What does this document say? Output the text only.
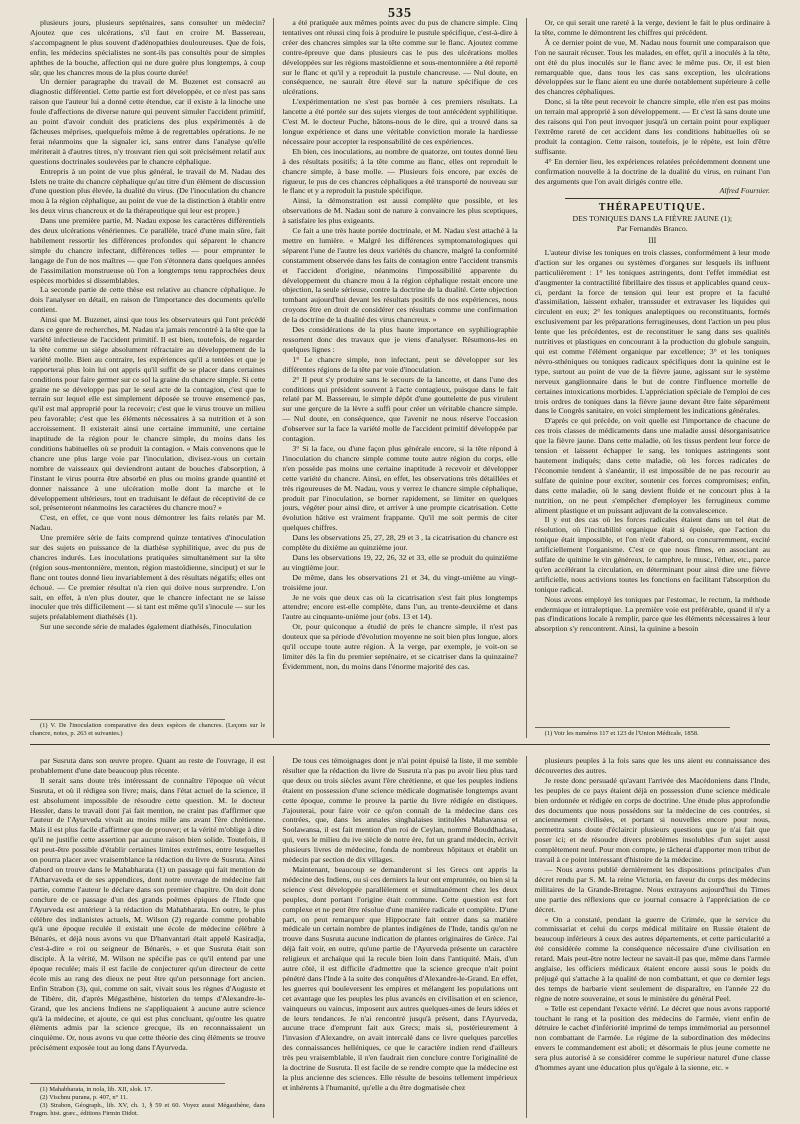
535

plusieurs jours, plusieurs septénaires, sans consulter un médecin? Ajoutez que ces ulcérations, s'il faut en croire M. Bassereau, s'accompagnent le plus souvent d'adénopathies douloureuses. Que de fois, enfin, les médecins spécialistes ne sont-ils pas consultés pour de simples aphthes de la bouche, affection qui ne dure guère plus longtemps, à coup sûr, que les chancres mous de la plus courte durée!

Un dernier paragraphe du travail de M. Buzenet est consacré au diagnostic différentiel. Cette partie est fort développée, et ce n'est pas sans raison que l'auteur lui a donné cette étendue, car il existe à la linoche une foule d'affections de diverse nature qui peuvent simuler l'accident primitif, au point d'avoir conduit des praticiens des plus expérimentés à de fâcheuses méprises, quelquefois même à de regrettables opérations. Je ne ferai néanmoins que la signaler ici, sans entrer dans l'analyse qu'elle mériterait à d'autres titres, n'y trouvant rien qui soit précisément relatif aux questions doctrinales soulevées par le chancre céphalique.

Entrepris à un point de vue plus général, le travail de M. Nadau des Islets ne traite du chancre céphalique qu'au titre d'un élément de discussion d'une question plus élevée, la dualité du virus. (De l'inoculation du chancre mou à la région céphalique, au point de vue de la distinction à établir entre les deux virus chancreux et de la thérapeutique qui leur est propre.)

Dans une première partie, M. Nadau expose les caractères différentiels des deux ulcérations vénériennes. Ce parallèle, tracé d'une main sûre, fait habilement ressortir les différences profondes qui séparent le chancre simple du chancre infectant, différences telles — pour emprunter le langage de l'un de nos maîtres — que l'on s'étonnera dans quelques années de l'assimilation monstrueuse où l'on a longtemps tenu rapprochées deux espèces morbides si dissemblables.

La seconde partie de cette thèse est relative au chancre céphalique. Je dois l'analyser en détail, en raison de l'importance des documents qu'elle contient.

Ainsi que M. Buzenet, ainsi que tous les observateurs qui l'ont précédé dans ce genre de recherches, M. Nadau n'a jamais rencontré à la tête que la variété infectieuse de l'accident primitif. Il est bien, toutefois, de regarder la tête comme un siége absolument réfractaire au développement de la variété molle. Bien au contraire, les expériences qu'il a tentées et que je rapporterai plus loin lui ont appris qu'il suffit de se placer dans certaines conditions pour faire germer sur ce sol la graine du chancre simple. Si cette graine ne se développe pas par le seul acte de la contagion, c'est que le terrain sur lequel elle est simplement déposée se trouve ensemencé pas, qu'il est mal approprié pour la recevoir; c'est que le virus trouve un milieu peu favorable; c'est que les éléments nécessaires à sa nutrition et à son accroissement. Il existerait ainsi une certaine immunité, une certaine inaptitude de la région pour le chancre simple, du moins dans les conditions habituelles où se produit la contagion. « Mais convenons que le chancre une plus large voie par l'inoculation, divisez-vous un certain nombre de vaisseaux qui deviendront autant de bouches d'absorption, à l'instant le virus pourra être absorbé en plus ou moins grande quantité et donner naissance à une ulcération molle dont la marche et le développement ultérieurs, tout en traduisant le défaut de réceptivité de ce sol, présenteront néanmoins les caractères du chancre mou? »

C'est, en effet, ce que vont nous démontrer les faits relatés par M. Nadau.

Une première série de faits comprend quinze tentatives d'inoculation sur des sujets en puissance de la diathèse syphilitique, avec du pus de chancres indurés. Les inoculations pratiquées simultanément sur la tête (région sous-mentonnière, menton, région mastoïdienne, sinciput) et sur le flanc ont toutes donné lieu invariablement à des résultats négatifs; elles ont échoué. — Ce premier résultat n'a rien qui doive nous surprendre. L'on sait, en effet, à n'en plus douter, que le chancre infectant ne se laisse inoculer que très difficilement — si tant est même qu'il s'inocule — sur les sujets préalablement diathésés (1).

Sur une seconde série de malades également diathésés, l'inoculation

(1) V. De l'inoculation comparative des deux espèces de chancres. (Leçons sur le chancre, notes, p. 263 et suivantes.)

a été pratiquée aux mêmes points avec du pus de chancre simple. Cinq tentatives ont réussi cinq fois à produire le pustule spécifique, c'est-à-dire à créer des chancres simples sur la tête comme sur le flanc. Ajoutez comme contre-épreuve que dans plusieurs cas le pus des ulcérations molles développées sur les régions mastoïdienne et sous-mentonnière a été reporté sur le flanc et qu'il y a reproduit la pustule chancreuse. — Nul doute, en conséquence, ne saurait être élevé sur la nature spécifique de ces ulcérations.

L'expérimentation ne s'est pas bornée à ces premiers résultats. La lancette a été portée sur des sujets vierges de tout antécédent syphilitique. C'est M. le docteur Puche, hâtons-nous de le dire, qui a trouvé dans sa longue expérience et dans une véritable conviction morale la hardiesse nécessaire pour accepter la responsabilité de ces expériences.

Eh bien, ces inoculations, au nombre de quatorze, ont toutes donné lieu à des résultats positifs; à la tête comme au flanc, elles ont reproduit le chancre simple, à base molle. — Plusieurs fois encore, par excès de rigueur, le pus de ces chancres céphaliques a été transporté de nouveau sur le flanc et y a reproduit la pustule spécifique.

Ainsi, la démonstration est aussi complète que possible, et les observations de M. Nadau sont de nature à convaincre les plus sceptiques, à satisfaire les plus exigeants.

Ce fait a une très haute portée doctrinale, et M. Nadau s'est attaché à la mettre en lumière. « Malgré les différences symptomatologiques qui séparent l'une de l'autre les deux variétés du chancre, malgré la conformité constamment observée dans les faits de contagion entre l'accident transmis et l'accident d'origine, néanmoins l'impossibilité apparente du développement du chancre mou à la région céphalique restait encore une objection, la seule sérieuse, contre la doctrine de la dualité. Cette objection tombant aujourd'hui devant les résultats positifs de nos expériences, nous croyons être en droit de considérer ces résultats comme une confirmation de la doctrine de la dualité des virus chancreux. »

Des considérations de la plus haute importance en syphiliographie ressortent donc des travaux que je viens d'analyser. Résumons-les en quelques lignes :

1° Le chancre simple, non infectant, peut se développer sur les différentes régions de la tête par voie d'inoculation.

2° Il peut s'y produire sans le secours de la lancette, et dans l'une des conditions qui président souvent à l'acte contagieux, puisque dans le fait relaté par M. Bassereau, le simple dépôt d'une gouttelette de pus virulent sur une gerçure de la lèvre a suffi pour créer un véritable chancre simple. — Nul doute, en conséquence, que l'avenir ne nous réserve l'occasion d'observer sur la face la variété molle de l'accident primitif développée par contagion.

3° Si la face, ou d'une façon plus générale encore, si la tête répond à l'inoculation du chancre simple comme toute autre région du corps, elle n'en possède pas moins une certaine inaptitude à recevoir et développer cette variété du chancre. Ainsi, en effet, les observations très détaillées et très rigoureuses de M. Nadau, vous y verrez le chancre simple céphalique, produit par l'inoculation, se borner rapidement, se limiter en quelques jours, végéter pour ainsi dire, et arriver à une prompte cicatrisation. Cette évolution hâtive est vraiment frappante. Qu'il me soit permis de citer quelques chiffres.

Dans les observations 25, 27, 28, 29 et 3 , la cicatrisation du chancre est complète du dixième au quinzième jour.

Dans les observations 19, 22, 26, 32 et 33, elle se produit du quinzième au vingtième jour.

De même, dans les observations 21 et 34, du vingt-unième au vingt-troisième jour.

Je ne vois que deux cas où la cicatrisation s'est fait plus longtemps attendre; encore est-elle complète, dans l'un, au trente-deuxième et dans l'autre au cinquante-unième jour (obs. 13 et 14).

Or, pour quiconque a étudié de près le chancre simple, il n'est pas douteux que sa période d'évolution moyenne ne soit bien plus longue, alors qu'il occupe toute autre région. À la verge, par exemple, je voit-on se limiter dès la fin du premier septénaire, et se cicatriser dans la quinzaine? Évidemment, non, du moins dans l'énorme majorité des cas.

Or, ce qui serait une rareté à la verge, devient le fait le plus ordinaire à la tête, comme le démontrent les chiffres qui précèdent.

À ce dernier point de vue, M. Nadau nous fournit une comparaison que l'on ne saurait récuser. Tous les malades, en effet, qu'il a inoculés à la tête, ont été du plus inoculés sur le flanc avec le même pus. Or, il est bien remarquable que, dans tous les cas sans exception, les ulcérations développées sur le flanc aient eu une durée notablement supérieure à celle des chancres céphaliques.

Donc, si la tête peut recevoir le chancre simple, elle n'en est pas moins un terrain mal approprié à son développement. — Et c'est là sans doute une des raisons qui l'on peut invoquer jusqu'à un certain point pour expliquer l'extrême rareté de cet accident dans les conditions habituelles où se produit la contagion. Cette raison, toutefois, je le répète, est loin d'être suffisante.

4° En dernier lieu, les expériences relatées précédemment donnent une confirmation nouvelle à la doctrine de la dualité du virus, en ruinant l'un des arguments que l'on avait dirigés contre elle.

Alfred Fournier.

THÉRAPEUTIQUE.
DES TONIQUES DANS LA FIÈVRE JAUNE (1);
Par Fernandès Branco.
III

L'auteur divise les toniques en trois classes, conformément à leur mode d'action sur les organes ou systèmes d'organes sur lesquels ils influent particulièrement : 1° les toniques astringents, dont l'effet immédiat est d'augmenter la contractilité fibrillaire des tissus et applicables quand ceux-ci, perdant la force de tension qui leur est propre et la faculté d'assimilation, laissent exhaler, transsuder et extravaser les liquides qui circulent en eux; 2° les toniques analeptiques ou reconstituants, formés exclusivement par les préparations ferrugineuses, dont l'action un peu plus lente que les précédentes, est de reconstituer le sang dans ses qualités nutritives et plastiques en concourant à la production du globule sanguin, qui est comme l'élément organique par excellence; 3° et les toniques névro-sthéniques ou toniques radicaux spécifiques dont la quinine est le type, surtout au point de vue de la fièvre jaune, agissant sur le système nerveux ganglionnaire dans le but de contre l'influence mortelle de certaines intoxications morbides. L'appréciation spéciale de l'emploi de ces trois ordres de toniques dans la fièvre jaune devant être faite séparément dans le Congrès sanitaire, en voici simplement les indications générales.

D'après ce qui précède, on voit quelle est l'importance de chacune de ces trois classes de médicaments dans une maladie aussi désorganisatrice que la fièvre jaune. Dans cette maladie, où les tissus perdent leur force de tension et laissent échapper le sang, les toniques astringents sont hautement indiqués; dans cette maladie, où les forces radicales de l'économie tendent à s'anéantir, il est impossible de ne pas recourir au sulfate de quinine pour exciter, soutenir ces forces compromises; enfin, dans cette maladie, où le sang devient fluide et ne concourt plus à la nutrition, on ne peut s'empêcher d'employer les ferrugineux comme aliment plastique et un puissant adjuvant de la convalescence.

Il y eut des cas où les forces radicales étaient dans un tel état de résolution, où l'incitabilité organique était si épuisée, que l'action du tonique était impossible, et l'on n'eût d'abord, ou concurremment, excité artificiellement l'organisme. C'est ce que nous fîmes, en associant au sulfate de quinine le vin généreux, le camphre, le musc, l'éther, etc., parce qu'en accélérant la circulation, en déterminant pour ainsi dire une fièvre artificielle, nous activions toutes les fonctions en facilitant l'absorption du tonique radical.

Nous avons employé les toniques par l'estomac, le rectum, la méthode endermique et intraleptique. La première voie est préférable, quand il n'y a pas d'indications locale à remplir, parce que les éléments nécessaires à leur absorption s'y rencontrent. Ainsi, la quinine a besoin

(1) Voir les numéros 117 et 123 de l'Union Médicale, 1858.

par Susruta dans son œuvre propre. Quant au reste de l'ouvrage, il est probablement d'une date beaucoup plus récente.

Il serait sans doute très intéressant de connaître l'époque où vécut Susruta, et où il rédigea son livre; mais, dans l'état actuel de la science, il est absolument impossible de résoudre cette question. M. le docteur Hessler, dans le travail dont j'ai fait mention, ne craint pas d'affirmer que l'auteur de l'Ayurveda vivait au moins mille ans avant l'ère chrétienne. Mais il est plus facile d'affirmer que de prouver; et la vérité m'oblige à dire qu'il ne justifie cette assertion par aucune raison bien solide. Toutefois, il est peut-être possible d'établir certaines limites extrêmes, entre lesquelles on pourra placer avec vraisemblance la rédaction du livre de Susruta. Ainsi d'abord on trouve dans le Mahabharata (1) un passage qui fait mention de l'Atharvaveda et de ses appendices, dont notre ouvrage de médecine fait partie, comme l'auteur le déclare dans son premier chapitre. On doit donc conclure de ce passage d'un des grands poèmes épiques de l'Inde que l'Ayurveda est antérieur à la rédaction du Mahabharata. En outre, le plus célèbre des indianistes actuels, M. Wilson (2) regarde comme probable qu'à une époque reculée il existait une école de médecine célèbre à Bénarès, et déjà nous avons vu que D'hanvantari était appelé Kasiradja, c'est-à-dire « roi ou seigneur de Bénarès, » et que Susruta était son disciple. À la vérité, M. Wilson ne spécifie pas ce qu'il entend par une époque reculée; mais il est facile de conjecturer qu'un directeur de cette école mis au rang des dieux ne peut être qu'un personnage fort ancien. Enfin Strabon (3), qui, comme on sait, vivait sous les règnes d'Auguste et de Tibère, dit, d'après Mégasthène, historien du temps d'Alexandre-le-Grand, que les anciens Indiens ne s'appliquaient à aucune autre science qu'à la médecine, et ajoute, ce qui est plus concluant, qu'outre les quatre éléments admis par la science grecque, ils en reconnaissaient un cinquième. Or, nous avons vu que cette théorie des cinq éléments se trouve précisément exposée tout au long dans l'Ayurveda.

(1) Mahabharata, in nola, lib. XII, slok. 17.

(2) Vischnu purana, p. 407, n° 11.

(3) Strabon, Géograph., lib. XV, ch. 1, § 59 et 60. Voyez aussi Mégasthène, dans Fragm. hist. græc., éditions Firmin Didot.

De tous ces témoignages dont je n'ai point épuisé la liste, il me semble résulter que la rédaction du livre de Susruta n'a pas pu avoir lieu plus tard que deux ou trois siècles avant l'ère chrétienne, et que les peuples indiens étaient en possession d'une science médicale dogmatisée longtemps avant cette époque, comme le prouve la partie du livre rédigée en distiques. J'ajouterai, pour faire voir ce qu'on connaît de la médecine dans ces contrées, que, dans les annales singhalaises intitulées Mahavansa et Soolawansa, il est fait mention d'un roi de Ceylan, nommé Bouddhadasa, qui, vers le milieu du ive siècle de notre ère, fut un grand médecin, écrivit plusieurs livres de médecine, fonda de nombreux hôpitaux et établit un médecin par section de dix villages.

Maintenant, beaucoup se demanderont si les Grecs ont appris la médecine des Indiens, ou si ces derniers la leur ont empruntée, ou bien si la science s'est développée parallèlement et simultanément chez les deux peuples, dont portant l'origine était commune. Cette question est fort complexe et ne peut être résolue d'une manière radicale et complète. D'une part, on peut remarquer que Hippocrate fait entrer dans sa matière médicale un certain nombre de plantes indigènes de l'Inde, tandis qu'on ne trouve dans Susruta aucune indication de plantes originaires de Grèce. J'ai déjà fait voir, en outre, qu'une partie de l'Ayurveda présente un caractère religieux et archaïque qui la recule bien loin dans l'antiquité. Mais, d'un autre côté, il est difficile d'admettre que la science grecque n'ait point pénétré dans l'Inde à la suite des conquêtes d'Alexandre-le-Grand. En effet, les guerres qui bouleversent les empires et mélangent les populations ont cet avantage que les peuples les plus avancés en civilisation et en science, vainqueurs ou vaincus, imposent aux autres quelques-unes de leurs idées et de leurs tendances. Je n'ai rencontré jusqu'à présent, dans l'Ayurveda, aucune trace d'emprunt fait aux Grecs; mais si, postérieurement à l'invasion d'Alexandre, on avait intercalé dans ce livre quelques parcelles des connaissances helléniques, ce que le caractère indien rend d'ailleurs très peu vraisemblable, il n'en faudrait rien conclure contre l'originalité de la doctrine de Susruta. Il est facile de se rendre compte que la médecine est la plus ancienne des sciences. Elle résulte de besoins tellement impérieux et inhérents à l'humanité, qu'elle a du être dogmatisée chez

plusieurs peuples à la fois sans que les uns aient eu connaissance des découvertes des autres.

Je reste donc persuadé qu'avant l'arrivée des Macédoniens dans l'Inde, les peuples de ce pays étaient déjà en possession d'une science médicale bien ordonnée et rédigée en corps de doctrine. Une étude plus approfondie des documents que nous possédons sur la médecine de ces contrées, si anciennement civilisées, et portant si nouvelles encore pour nous, permettra sans doute d'éclaircir plusieurs questions que je n'ai fait que poser ici; et de résoudre divers problèmes insolubles d'un sujet aussi complètement neuf. Pour mon compte, je tâcherai d'apporter mon tribut de travail à ce point intéressant d'histoire de la médecine.

— Nous avons publié dernièrement les dispositions principales d'un décret rendu par S. M. la reine Victoria, en faveur du corps des médecins militaires de la Grande-Bretagne. Nous extrayons aujourd'hui du Times une partie des réflexions que ce journal consacre à l'appréciation de ce décret.

« On a constaté, pendant la guerre de Crimée, que le service du commissariat et celui du corps médical militaire en Russie étaient de beaucoup inférieurs à ceux des autres départements, et cette particularité a été considérée comme la conséquence nécessaire d'une civilisation en retard. Mais peut-être notre lecteur ne savait-il pas que, même dans l'armée anglaise, les officiers médicaux étaient encore aussi sous le poids du préjugé qui s'attache à la qualité de non combattant, et que ce dernier legs des temps de barbarie vient seulement de disparaître, en l'année 22 du règne de notre souveraine, et sous le ministère du général Peel.

» Telle est cependant l'exacte vérité. Le décret que nous avons rapporté touchant le rang et la position des médecins de l'armée, vient enfin de détruire le cachet d'infériorité imprimé de temps immémorial au personnel non combattant de l'armée. Le régime de la subordination des médecins envers le commandement est aboli; et désormais le plus jeune cornette ne sera plus autorisé à se considérer comme le supérieur naturel d'une classe d'hommes ayant une éducation plus qu'égale à la sienne, etc. »
